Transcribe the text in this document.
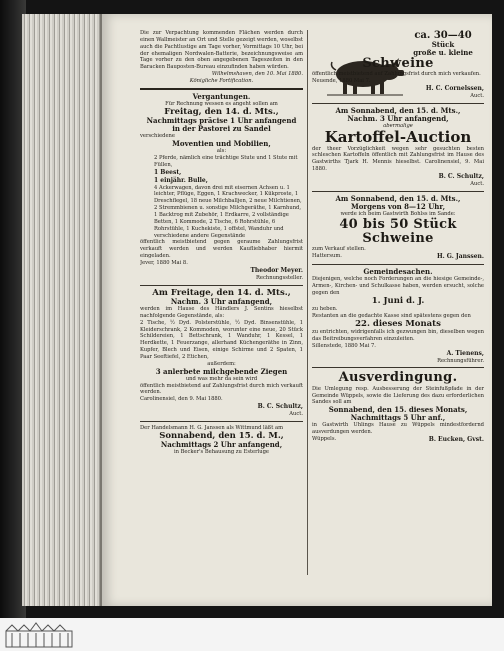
Die zur Verpachtung kommenden Flächen werden durch einen Wallmeister an Ort und Stelle gezeigt werden, woselbst auch die Pachtlustige am Tage vorher, Vormittags 10 Uhr, bei der ehemaligen Nordwalen-Batterie, bezeichnungsweise am Tage vorher zu den oben angegebenen Tageszeiten in den Baracken Bauposten-Bureau einzufinden haben würden.

Wilhelmshaven, den 10. Mai 1880.

Königliche Fortification.

Vergantungen.

Für Rechnung wessen es angeht sollen am

Freitag, den 14. d. Mts.,
Nachmittags präcise 1 Uhr anfangend
in der Pastorei zu Sandel

verschiedene

Moventien und Mobilien,

als:

2 Pferde, nämlich eine trächtige Stute und 1 Stute mit Füllen,
1 Beest,
1 einjähr. Bulle,
4 Ackerwagen, davon drei mit eisernen Achsen u. 1 leichter, Pflüge, Eggen, 1 Krachwecker, 1 Kükproste, 1 Dreschflegel, 18 neue Milchballjen, 2 neue Milchtienen, 2 Stremmbienen u. sonstige Milchgeräthe, 1 Karnhund, 1 Backtrog mit Zubehör, 1 Erdkarre, 2 vollständige Betten, 1 Kommode, 2 Tische, 6 Rohrstühle, 6 Rohrstühle, 1 Kuchekiste, 1 offstel, Wanduhr und verschiedene andere Gegenstände

öffentlich meistbietend gegen geraume Zahlungsfrist verkauft werden und werden Kaufliebhaber hiermit eingeladen.

Jever, 1880 Mai 8.

Theodor Meyer.

Rechnungssteller.

Am Freitage, den 14. d. Mts.,
Nachm. 3 Uhr anfangend,

werden im Hause des Händlers J. Sentins hieselbst nachfolgende Gegenstände, als:

2 Tische, ½ Dyd. Polsterstühle, ½ Dyd. Binsenstühle, 1 Kleiderschrank, 2 Kommoden, worunter eine neue, 20 Stück Schildereien, 1 Bettschrank, 1 Wanduhr, 1 Kessel, 1 Herdkette, 1 Feuerzange, allerhand Küchengeräthe in Zinn, Kupfer, Blech und Eisen, einige Schirme und 2 Spaten, 1 Paar Seeftiefel, 2 Etichen,

außerdem:

3 anlerbete milchgebende Ziegen

und was mehr da sein wird

öffentlich meistbietend auf Zahlungsfrist durch mich verkauft werden.

Carolinensiel, den 9. Mai 1880.

B. C. Schultz,

Auct.

Der Handelsmann H. G. Janssen als Wittmund läßt am

Sonnabend, den 15. d. M.,
Nachmittags 2 Uhr anfangend,

in Becker's Behausung zu Esterluge

ca. 30—40
Stück
große u. kleine
Schweine

öffentlich meistbietend auf Zahlungsfrist durch mich verkaufen.

Neuende, 1880 Mai 7.

H. C. Cornelssen,

Auct.

Am Sonnabend, den 15. d. Mts.,
Nachm. 3 Uhr anfangend,

abermalige

Kartoffel-Auction

der theer Vorzüglichkeit wegen sehr gesuchten besten schleschen Kartoffeln öffentlich mit Zahlungsfrist im Hause des Gastwirths Tjark H. Mennis hieselbst. Carolinensiel, 9. Mai 1880.

B. C. Schultz,

Auct.

Am Sonnabend, den 15. d. Mts.,
Morgens von 8—12 Uhr,

werde ich beim Gastwirth Bohlss im Sande:

40 bis 50 Stück
Schweine

zum Verkauf stellen.

Hattersum.	H. G. Janssen.
Gemeindesachen.

Diejenigen, welche noch Forderungen an die hiesige Gemeinde-, Armen-, Kirchen- und Schulkasse haben, werden ersucht, solche gegen den

1. Juni d. J.

zu heben.

Restanten an die gedachte Kasse sind spätestens gegen den

22. dieses Monats

zu entrichten, widrigenfalls ich gezwungen bin, dieselben wegen das Beitreibungsverfahren einzuleiten.

Sillenstede, 1880 Mai 7.

A. Tienens,

Rechnungsführer.

Ausverdingung.

Die Umlegung resp. Ausbesserung der Steinfußpfade in der Gemeinde Wüppels, sowie die Lieferung des dazu erforderlichen Sandes soll am

Sonnabend, den 15. dieses Monats,
Nachmittags 5 Uhr anf.,

in Gastwirth Uhlings Hause zu Wüppels mindestfordernd ausverdungen werden.

Wüppels.	B. Eucken, Gvst.
